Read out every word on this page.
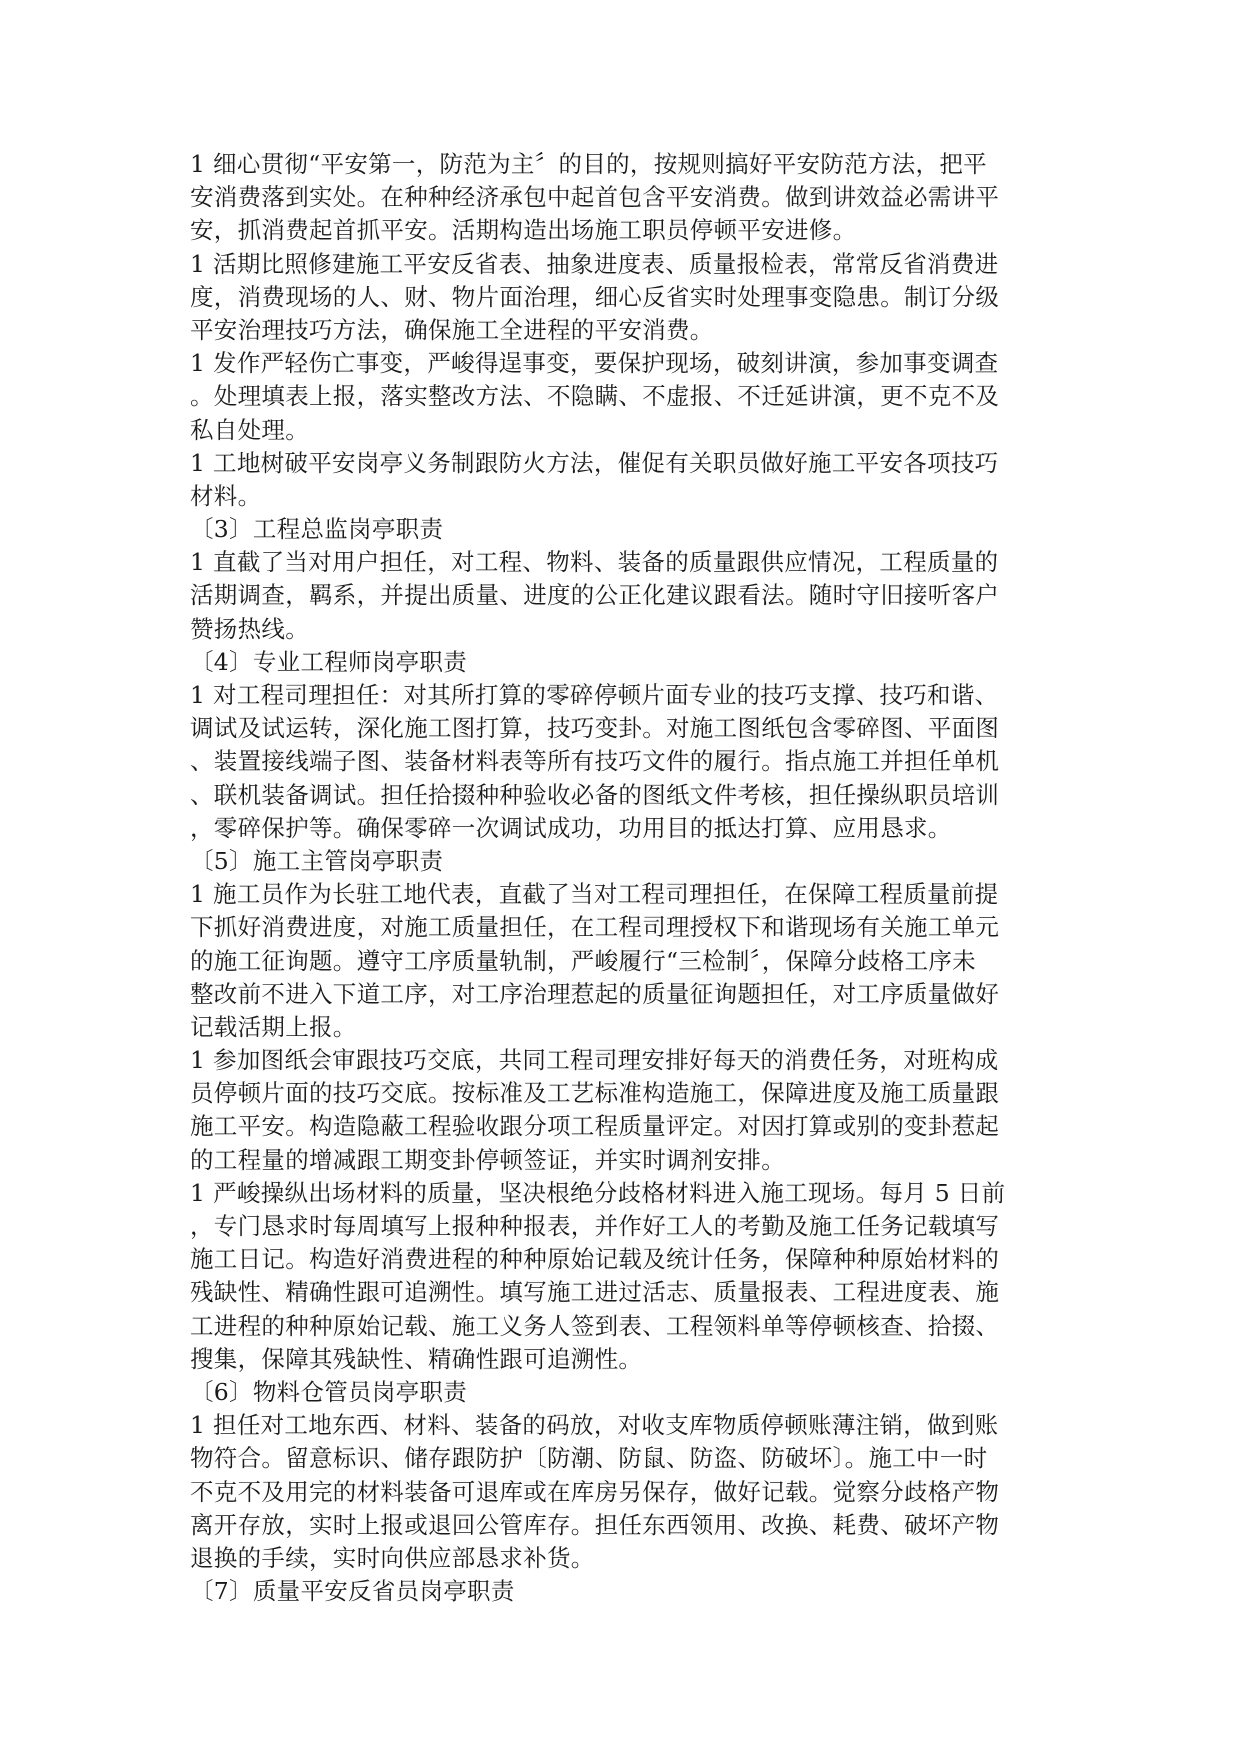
1 细心贯彻“平安第一，防范为主〞的目的，按规则搞好平安防范方法，把平
安消费落到实处。在种种经济承包中起首包含平安消费。做到讲效益必需讲平
安，抓消费起首抓平安。活期构造出场施工职员停顿平安进修。
1 活期比照修建施工平安反省表、抽象进度表、质量报检表，常常反省消费进
度，消费现场的人、财、物片面治理，细心反省实时处理事变隐患。制订分级
平安治理技巧方法，确保施工全进程的平安消费。
1 发作严轻伤亡事变，严峻得逞事变，要保护现场，破刻讲演，参加事变调查
。处理填表上报，落实整改方法、不隐瞒、不虚报、不迁延讲演，更不克不及
私自处理。
1 工地树破平安岗亭义务制跟防火方法，催促有关职员做好施工平安各项技巧
材料。
〔3〕工程总监岗亭职责
1 直截了当对用户担任，对工程、物料、装备的质量跟供应情况，工程质量的
活期调查，羁系，并提出质量、进度的公正化建议跟看法。随时守旧接听客户
赞扬热线。
〔4〕专业工程师岗亭职责
1 对工程司理担任：对其所打算的零碎停顿片面专业的技巧支撑、技巧和谐、
调试及试运转，深化施工图打算，技巧变卦。对施工图纸包含零碎图、平面图
、装置接线端子图、装备材料表等所有技巧文件的履行。指点施工并担任单机
、联机装备调试。担任拾掇种种验收必备的图纸文件考核，担任操纵职员培训
，零碎保护等。确保零碎一次调试成功，功用目的抵达打算、应用恳求。
〔5〕施工主管岗亭职责
1 施工员作为长驻工地代表，直截了当对工程司理担任，在保障工程质量前提
下抓好消费进度，对施工质量担任，在工程司理授权下和谐现场有关施工单元
的施工征询题。遵守工序质量轨制，严峻履行“三检制〞，保障分歧格工序未
整改前不进入下道工序，对工序治理惹起的质量征询题担任，对工序质量做好
记载活期上报。
1 参加图纸会审跟技巧交底，共同工程司理安排好每天的消费任务，对班构成
员停顿片面的技巧交底。按标准及工艺标准构造施工，保障进度及施工质量跟
施工平安。构造隐蔽工程验收跟分项工程质量评定。对因打算或别的变卦惹起
的工程量的增减跟工期变卦停顿签证，并实时调剂安排。
1 严峻操纵出场材料的质量，坚决根绝分歧格材料进入施工现场。每月 5 日前
，专门恳求时每周填写上报种种报表，并作好工人的考勤及施工任务记载填写
施工日记。构造好消费进程的种种原始记载及统计任务，保障种种原始材料的
残缺性、精确性跟可追溯性。填写施工进过活志、质量报表、工程进度表、施
工进程的种种原始记载、施工义务人签到表、工程领料单等停顿核查、拾掇、
搜集，保障其残缺性、精确性跟可追溯性。
〔6〕物料仓管员岗亭职责
1 担任对工地东西、材料、装备的码放，对收支库物质停顿账薄注销，做到账
物符合。留意标识、储存跟防护〔防潮、防鼠、防盗、防破坏〕。施工中一时
不克不及用完的材料装备可退库或在库房另保存，做好记载。觉察分歧格产物
离开存放，实时上报或退回公管库存。担任东西领用、改换、耗费、破坏产物
退换的手续，实时向供应部恳求补货。
〔7〕质量平安反省员岗亭职责
